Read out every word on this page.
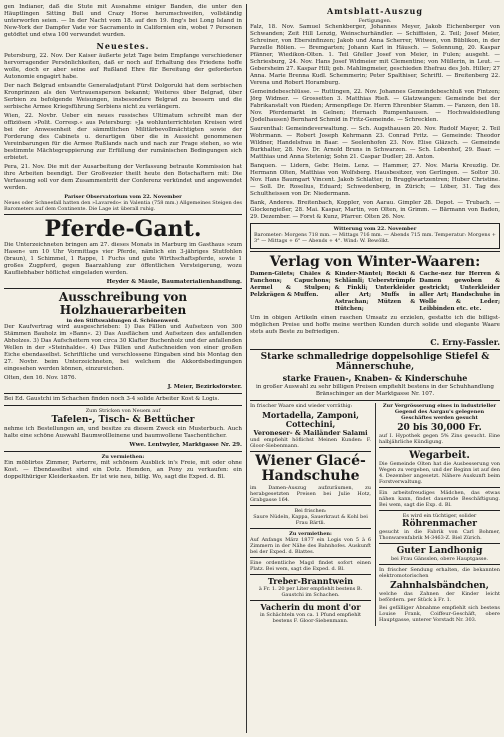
gen Indianer, daß die Stute mit Ausnahme einiger Banden, die unter den Häuptlingen Sitting Bull und Crazy Horse herumschweifen, vollständig unterworfen seien. — In der Nacht vom 18. auf den 19. fing's bei Long Island in New-York der Dampfer Vade vor Sacramento in Californien ein, wobei 7 Personen getödtet und etwa 100 verwundet wurden.

Neuestes.

Petersburg, 22. Nov. Der Kaiser äußerte jetzt Tage beim Empfange verschiedener hervorragender Persönlichkeiten, daß er noch auf Erhaltung des Friedens hoffe wolle, doch er aber seine auf Rußland Ehre für Bereitung der geforderten Autonomie engagirt habe.

Der nach Belgrad entsandte Generaladjutant Fürst Dolgoruki hat dem serbischen Kronprinzen als den Vertrauensperson bekannt; Weiteres über Belgrad, über Serbien zu befolgende Weisungen, insbesondere Belgrad zu bessern und die serbische Armee Kriegsführung Serbiens nicht zu verlängern.

Wien, 22. Novbr. Ueber ein neues russisches Ultimatum schreibt man der offiziösen »Polit. Corresp.« aus Petersburg: »Ja wohlunterrichteten Kreisen wird bei der Anwesenheit der sämmtlichen Militärbevollmächtigten sowie der Forderung des Cabinets u. derartigen über die in Aussicht genommenen Vereinbarungen für die Armee Rußlands nach und nach zur Frage stehen, so wie bestimmte Mächtegruppierung zur Erfüllung der rumänischen Bedingungen sich erbietet.

Pera, 21. Nov. Die mit der Ausarbeitung der Verfassung betraute Kommission hat ihre Arbeiten beendigt. Der Großvezier theilt heute den Botschaftern mit: Die Verfassung soll vor dem Zusammentritt der Conferenz verkündet und angewendet werden.

Pariser Observatorium vom 22. November

Neues oder Schneefall hatten den »Lavaredo« in Valentia (758 mm.) Allgemeines Steigen des Barometers auf dem Continente. Die Lage ist überall ruhig.

Pferde-Gant.

Die Unterzeichneten bringen am 27. dieses Monats in Marburg im Gasthaus »zum Hasen« um 10 Uhr Vormittags vier Pferde, nämlich ein 3-jähriges Stutfohlen (braun), 1 Schimmel, 1 Rappe, 1 Fuchs und gute Wirthschaftspferde, sowie 1 großes Zugpferd, gegen Baarzahlung zur öffentlichen Versteigerung, wozu Kaufliebhaber höflichst eingeladen werden.

Heyder & Mäule, Baumaterialienhandlung.

Ausschreibung von Holzhauerarbeiten
in den Stiftswaldungen d. Schönenwerd.

Der Kaufvertrag wird ausgeschrieben: 1) Das Fällen und Aufsetzen von 300 Stämmen Bauholz im »Bann«. 2) Das Ausflächen und Aufsetzen des anfallenden Abholzes. 3) Das Aufscheitern von circa 30 Klafter Buchenholz und der anfallenden Wellen in der »Steinhalde«. 4) Das Fällen und Aufschneiden von einer großen Eiche ebendaselbst. Schriftliche und verschlossene Eingaben sind bis Montag den 27. Novbr. beim Unterzeichneten, bei welchem die Akkordsbedingungen eingesehen werden können, einzureichen.

Olten, den 16. Nov. 1876.

J. Meier, Bezirksförster.

Bei Ed. Gaustchi im Schachen finden noch 3-4 solide Arbeiter Kost & Logis.

Zum Stricken von Neuem auf
Tafelen-, Tisch- & Bettücher

nehme ich Bestellungen an, und besitze zu diesem Zweck ein Musterbuch. Auch halte eine schöne Auswahl Baumwollleinene und baumwollene Taschentücher.

Wwe. Lentwyler, Marktgasse Nr. 29.

Zu vermiethen:

Ein möblirtes Zimmer, Parterre, mit schönem Ausblick in's Freie, mit oder ohne Kost. — Ebendaselbst sind ein Dotz. Hemden, an Pony zu verkaufen: ein doppelthüriger Kleiderkasten. Er ist wie neu, billig. Wo, sagt die Exped. d. Bl.

Amtsblatt-Auszug
Fertigungen.

Falz, 18. Nov. Samuel Schenkberger, Johannes Meyer, Jakob Eichenberger von Schwanden; Zeit Hill Lenzig, Weinschurhändler. — Schiffisien, 2. Teil; Josef Meier, Schreiner, von Ebersinfinzen; Jakob und Anna Scherrer, Witwen, von Büblikon, in der Parzelle Rölien. — Bremgarten; Johann Karl in Häusch. — Solennung, 20. Kaspar Pfänner, Wiedikon-Olten. 1. Teil Gfeller Josef von Meier, in Fulen; ausgeht. — Schriesburg, 24. Nov. Hans Josef Widmeier mit Clementine; von Müllerin, in Leut. — Gebersheim 27. Kaspar Hill; geb. Mahlingmeier, geschieden Ehefrau des Joh. Hiller; 27 Anna. Marie Brenna Kudl. Schemmerin; Peter Spalthiser, Schriftl. — Breitenberg 22. Verena und Robert Horamburg.

Gemeindebeschlüsse. — Ruttingen, 22. Nov. Johannes Gemeindebeschluß von Fintzen; Jörg Widmer. — Grossetten 3. Matthias Rieß. — Glatzwangen: Gemeinde bei der Fabrikanstalt von Rieden; Armenpflege Dr. Herrn Ehrenbier Stamm. — Fanzen, den 18. Nov. Pferdemarkt in Gelnen; Hernach Rumpenhausen. — Hochwaldsiedlung (Jodelhausen) Bernhard Schmid in Fritz-Gemeinde. — Schrecklen.

Saurenthal: Gemeindeverwaltung. — Sch. Augsthausen 20. Nov. Rudolf Mayer, 2. Teil Wohrmann. — Robert Joseph Kehrmann 23. Conrad Fritz. — Gemeinde: Theodor Wildner, Handelsfrau in Baar. — Seelenhofen 23. Nov. Elise Gläzsch. — Gemeinde Burkhalter, 28. Nov. Dr. Arnold Bruns in Schwarzen. — Sch. Lobenhof, 29. Baar. — Matthias und Anna Stetenig; Sohn 21. Caspar Dudler; 28. Anton.

Banquen. — Lidern, Gebr. Heim. Lenz. — Hammer, 27. Nov. Maria Kreuzlig. Dr. Hermann Olten, Matthias von Wolfsberg. Hausbesitzer, von Gerlingen. — Soltor 30. Nov. Hans Baumgart Vincent. Jakob Schlatter, in Brugglwartzentren; Huber Christine. — Soll. Dr. Roselius, Eduard; Schwedenberg, in Zürich; — Löber, 31. Tag des Schultheissen von Dr. Niedermann.

Bank, Anderes. Breitenbach, Koppler, von Aarau. Gimpler 28. Depot. — Trubach. — Glockengießer, 28. Mai. Kaspar, Martin, von Olten, in Grimm. — Bärmann von Baden, 29. Dezember. — Forst & Kunz, Pfarrer. Olten 26. Nov.

Witterung vom 22. November

Barometer: Morgens 718 mm. — Mittags 716 mm. — Abends 715 mm. Temperatur: Morgens + 3° — Mittags + 6° — Abends + 4°. Wind: W. Bewölkt.

Verlag von Winter-Waaren:
Damen-Gilets; Châles & Fanchons; Capuchons; Aermel & Stulpen; Pelzkrägen & Muffen.
Kinder-Mäntel; Röckli & Schlämli; Ueberstrümpfe & Finkli; Unterkleider aller Art; Muffs in Astrachan; Mützen & Hütchen;
Cache-nez für Herren & Damen gewoben & gestrickt; Unterkleider aller Art; Handschuhe in Wolle & Leder; Leibbinden etc. etc.

Um in obigen Artikeln einen raschen Umsatz zu erzielen, gestatte ich die billigst-möglichen Preise und hoffe meine werthen Kunden durch solide und elegante Waare stets aufs Beste zu befriedigen.

C. Erny-Fassler.

Starke schmalledrige doppelsohlige Stiefel & Männerschuhe,
starke Frauen-, Knaben- & Kinderschuhe

in großer Auswahl zu sehr billigen Preisen empfiehlt bestens in der Schuhhandlung Bränschinger an der Marktgasse Nr. 107.

In frischer Waare sind wieder vorräthig:

Mortadella, Zamponi, Cottechini,
Veroneser- & Mailänder Salami

und empfiehlt höflichst Meinen Kunden: F. Gloor-Siebenmann.

Wiener Glacé-Handschuhe

im Damen-Auszug aufzuräumen, zu herabgesetzten Preisen bei Julie Hotz, Grabgasse 164.

Bei frischen:

Saure Nüdeln, Kappa, Sauerkraut & Kohl bei Frau Bärtli.

Zu vermiethen:

Auf Anfangs März 1877 ein Logis von 5 à 6 Zimmern in der Nähe des Bahnhofes. Auskunft bei der Exped. d. Blattes.

Eine ordentliche Magd findet sofort einen Platz. Bei wem, sagt die Exped. d. Bl.

Treber-Branntwein

à Fr. 1. 20 per Liter empfiehlt bestens B. Gaustchi im Schachen.

Vacherin du mont d'or

in Schächteln von ca. 1 Pfund empfiehlt bestens F. Gloor-Siebenmann.

Zur Vergrösserung eines in industrieller Gegend des Aargau's gelegenen Geschäftes werden gesucht

20 bis 30,000 Fr.

auf I. Hypothek gegen 5% Zins gesucht. Eine halbjährliche Kündigung.

Wegarbeit.

Die Gemeinde Olten hat die Ausbesserung von Wegen zu vergeben, und der Beginn ist auf den 4. Dezember angesetzt. Nähere Auskunft beim Forstverwaltung.

Ein arbeitsfreudiges Mädchen, das etwas nähen kann, findet dauernde Beschäftigung. Bei wem, sagt die Exp. d. Bl.

Es wird ein tüchtiger, solider
Röhrenmacher

gesucht in die Fabrik von Carl Bohmer, Thonwarenfabrik M-3463-Z. Biel Zürich.

Guter Landhonig

bei Frau Gänsslen, obere Hauptgasse.

In frischer Sendung erhalten, die bekannten elektromotorischen

Zahnhalsbändchen,

welche das Zahnen der Kinder leicht befördern. per Stück à Fr. 1.

Bei gefälliger Abnahme empfiehlt sich bestens Louise Frank, Coiffeur-Geschäft, obere Hauptgasse, unterer Vorstadt Nr. 303.
